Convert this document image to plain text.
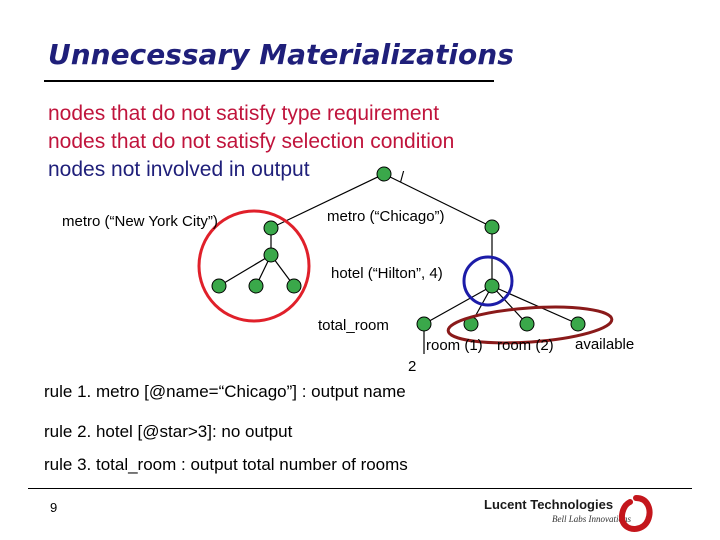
Unnecessary Materializations
nodes that do not satisfy type requirement
nodes that do not satisfy selection condition
nodes not involved in output	/
metro (“New York City”)	metro (“Chicago”)
hotel (“Hilton”, 4)
total_room
room (1) room (2) available
2
rule 1. metro [@name=“Chicago”] : output name
rule 2. hotel [@star>3]: no output
rule 3. total_room : output total number of rooms
9	Lucent Technologies
Bell Labs Innovations
